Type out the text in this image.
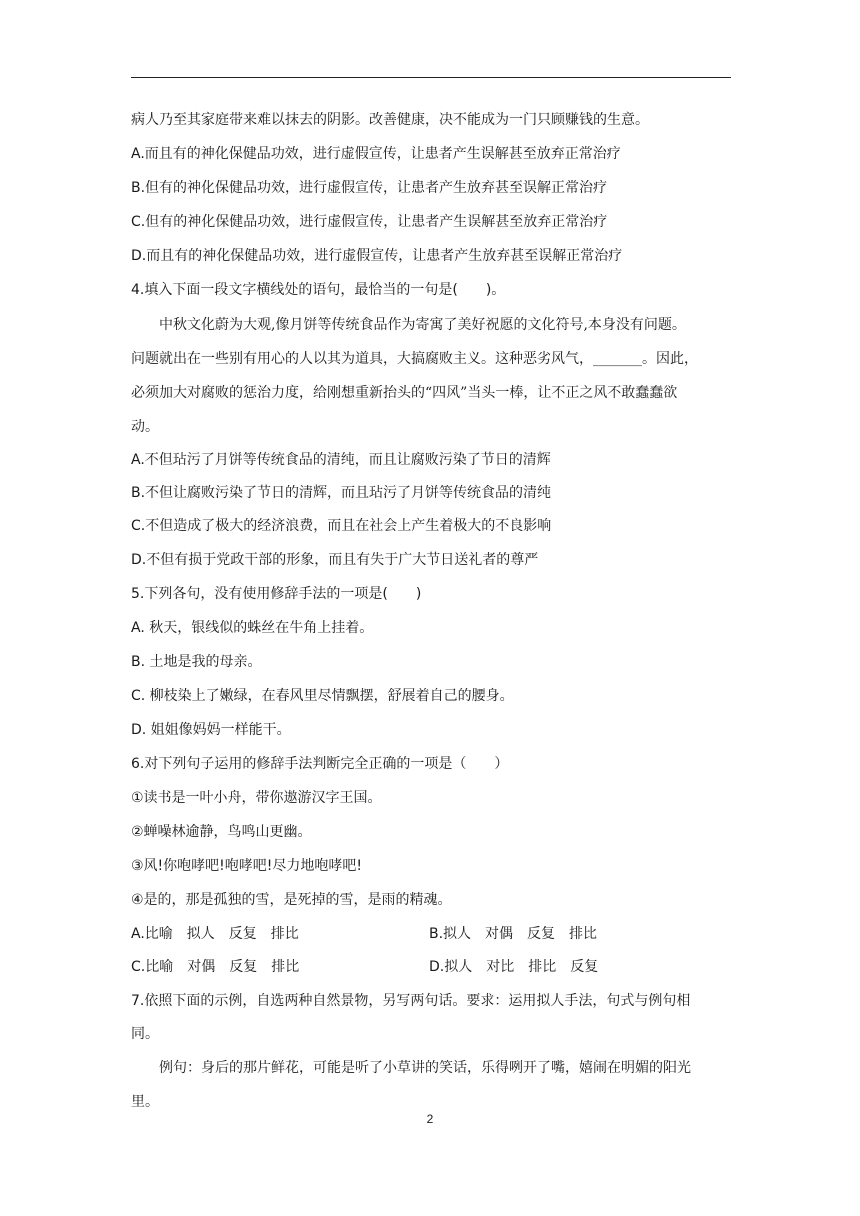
病人乃至其家庭带来难以抹去的阴影。改善健康，决不能成为一门只顾赚钱的生意。
A.而且有的神化保健品功效，进行虚假宣传，让患者产生误解甚至放弃正常治疗
B.但有的神化保健品功效，进行虚假宣传，让患者产生放弃甚至误解正常治疗
C.但有的神化保健品功效，进行虚假宣传，让患者产生误解甚至放弃正常治疗
D.而且有的神化保健品功效，进行虚假宣传，让患者产生放弃甚至误解正常治疗
4.填入下面一段文字横线处的语句，最恰当的一句是(　　)。
中秋文化蔚为大观,像月饼等传统食品作为寄寓了美好祝愿的文化符号,本身没有问题。
问题就出在一些别有用心的人以其为道具，大搞腐败主义。这种恶劣风气，_______。因此，
必须加大对腐败的惩治力度，给刚想重新抬头的“四风”当头一棒，让不正之风不敢蠢蠢欲
动。
A.不但玷污了月饼等传统食品的清纯，而且让腐败污染了节日的清辉
B.不但让腐败污染了节日的清辉，而且玷污了月饼等传统食品的清纯
C.不但造成了极大的经济浪费，而且在社会上产生着极大的不良影响
D.不但有损于党政干部的形象，而且有失于广大节日送礼者的尊严
5.下列各句，没有使用修辞手法的一项是(　　)
A. 秋天，银线似的蛛丝在牛角上挂着。
B. 土地是我的母亲。
C. 柳枝染上了嫩绿，在春风里尽情飘摆，舒展着自己的腰身。
D. 姐姐像妈妈一样能干。
6.对下列句子运用的修辞手法判断完全正确的一项是（　　）
①读书是一叶小舟，带你遨游汉字王国。
②蝉噪林逾静，鸟鸣山更幽。
③风!你咆哮吧!咆哮吧!尽力地咆哮吧!
④是的，那是孤独的雪，是死掉的雪，是雨的精魂。
A.比喻　拟人　反复　排比	B.拟人　对偶　反复　排比
C.比喻　对偶　反复　排比	D.拟人　对比　排比　反复
7.依照下面的示例，自选两种自然景物，另写两句话。要求：运用拟人手法，句式与例句相
同。
例句：身后的那片鲜花，可能是听了小草讲的笑话，乐得咧开了嘴，嬉闹在明媚的阳光
里。
2
